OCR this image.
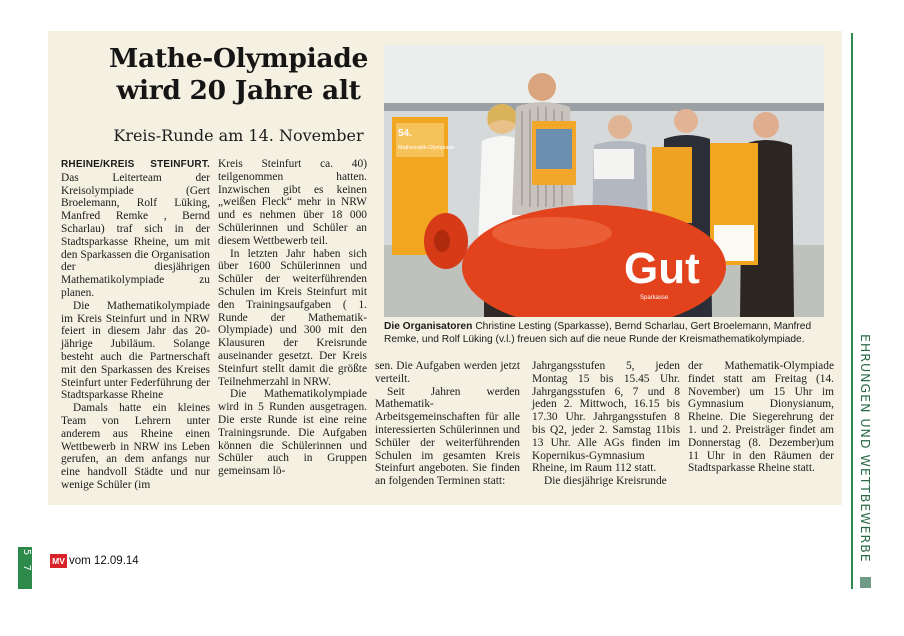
Mathe-Olympiade
wird 20 Jahre alt
Kreis-Runde am 14. November

RHEINE/KREIS STEINFURT. Das Leiterteam der Kreisolympiade (Gert Broelemann, Rolf Lüking, Manfred Remke , Bernd Scharlau) traf sich in der Stadtsparkasse Rheine, um mit den Sparkassen die Organisation der diesjährigen Mathematikolympiade zu planen.

Die Mathematikolympiade im Kreis Steinfurt und in NRW feiert in diesem Jahr das 20-jährige Jubiläum. Solange besteht auch die Partnerschaft mit den Sparkassen des Kreises Steinfurt unter Federführung der Stadtsparkasse Rheine

Damals hatte ein kleines Team von Lehrern unter anderem aus Rheine einen Wettbewerb in NRW ins Leben gerufen, an dem anfangs nur eine handvoll Städte und nur wenige Schüler (im

Kreis Steinfurt ca. 40) teilgenommen hatten. Inzwischen gibt es keinen „weißen Fleck“ mehr in NRW und es nehmen über 18 000 Schülerinnen und Schüler an diesem Wettbewerb teil.

In letzten Jahr haben sich über 1600 Schülerinnen und Schüler der weiterführenden Schulen im Kreis Steinfurt mit den Trainingsaufgaben ( 1. Runde der Mathematik-Olympiade) und 300 mit den Klausuren der Kreisrunde auseinander gesetzt. Der Kreis Steinfurt stellt damit die größte Teilnehmerzahl in NRW.

Die Mathematikolympiade wird in 5 Runden ausgetragen. Die erste Runde ist eine reine Trainingsrunde. Die Aufgaben können die Schülerinnen und Schüler auch in Gruppen gemeinsam lö-

54.
Mathematik-Olympiade
Gut
Sparkasse
Die Organisatoren Christine Lesting (Sparkasse), Bernd Scharlau, Gert Broelemann, Manfred Remke, und Rolf Lüking (v.l.) freuen sich auf die neue Runde der Kreismathematikolympiade.

sen. Die Aufgaben werden jetzt verteilt.

Seit Jahren werden Mathematik-Arbeitsgemeinschaften für alle interessierten Schülerinnen und Schüler der weiterführenden Schulen im gesamten Kreis Steinfurt angeboten. Sie finden an folgenden Terminen statt:

Jahrgangsstufen 5, jeden Montag 15 bis 15.45 Uhr. Jahrgangsstufen 6, 7 und 8 jeden 2. Mittwoch, 16.15 bis 17.30 Uhr. Jahrgangsstufen 8 bis Q2, jeder 2. Samstag 11bis 13 Uhr. Alle AGs finden im Kopernikus-Gymnasium Rheine, im Raum 112 statt.

Die diesjährige Kreisrunde

der Mathematik-Olympiade findet statt am Freitag (14. November) um 15 Uhr im Gymnasium Dionysianum, Rheine. Die Siegerehrung der 1. und 2. Preisträger findet am Donnerstag (8. Dezember)um 11 Uhr in den Räumen der Stadtsparkasse Rheine statt.	EHRUNGEN UND WETTBEWERBE
5 7 MV vom 12.09.14
